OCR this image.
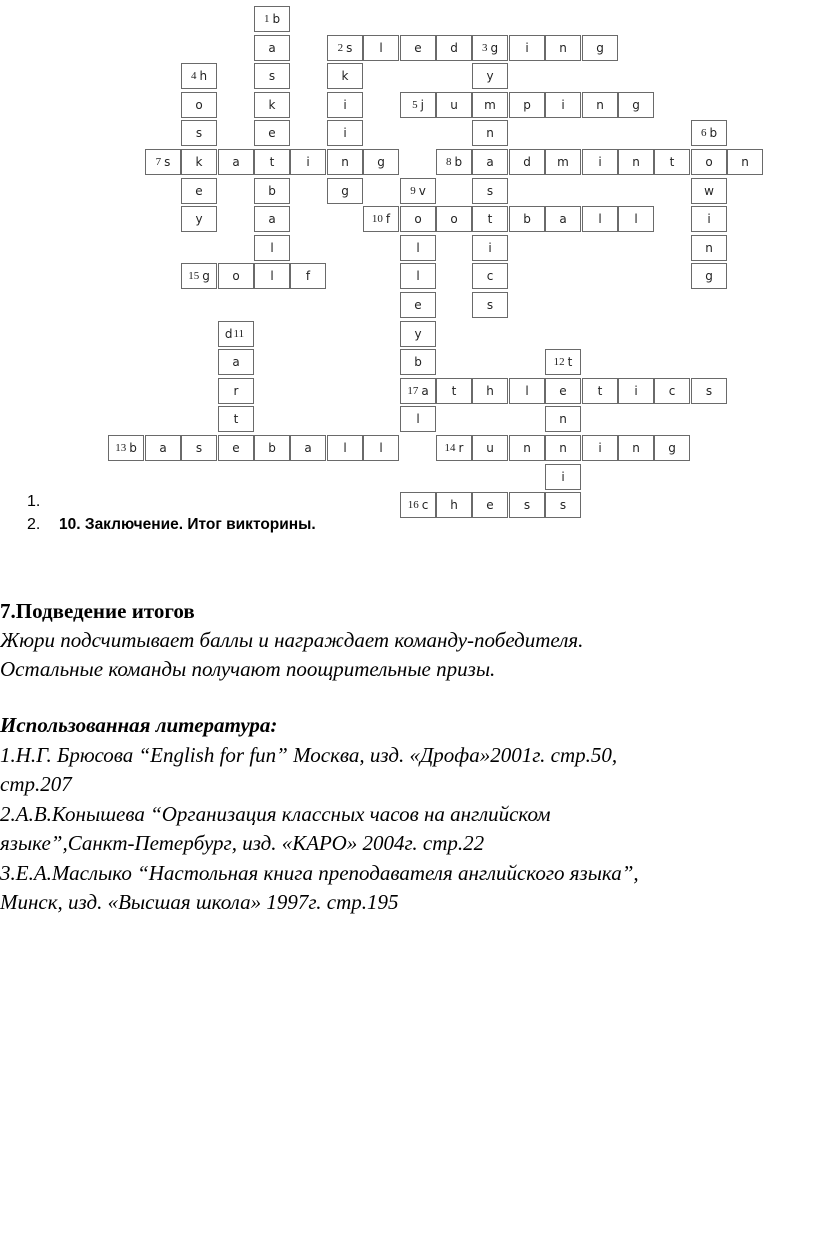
1 b
a	2 s l	e d 3 g i	n g
4 h	s	k	y
o	k	i	5 j u m p	i	n g
s	e	i	n	6 b
7 s k a t	i	n g	8 b a d m i	n t	o n
e	b	g	9 v	s	w
y	a	10 f o o t	b a	l	l	i
l	l	i	n
15 g o	l	f	l	c	g
e	s
d 11	y
a	b	12 t
r	17 a t h	l	e	t	i	c	s
t	l	n
13 b a s	e b a	l	l	14 r u n n	i	n g
i
16 c h e	s s
1.
2. 10. Заключение. Итог викторины.
7.Подведение итогов
Жюри подсчитывает баллы и награждает команду-победителя.
Остальные команды получают поощрительные призы.
Использованная литература:
1.Н.Г. Брюсова “English for fun” Москва, изд. «Дрофа»2001г. стр.50,
стр.207
2.А.В.Конышева “Организация классных часов на английском
языке”,Санкт-Петербург, изд. «КАРО» 2004г. стр.22
3.Е.А.Маслыко “Настольная книга преподавателя английского языка”,
Минск, изд. «Высшая школа» 1997г. стр.195
